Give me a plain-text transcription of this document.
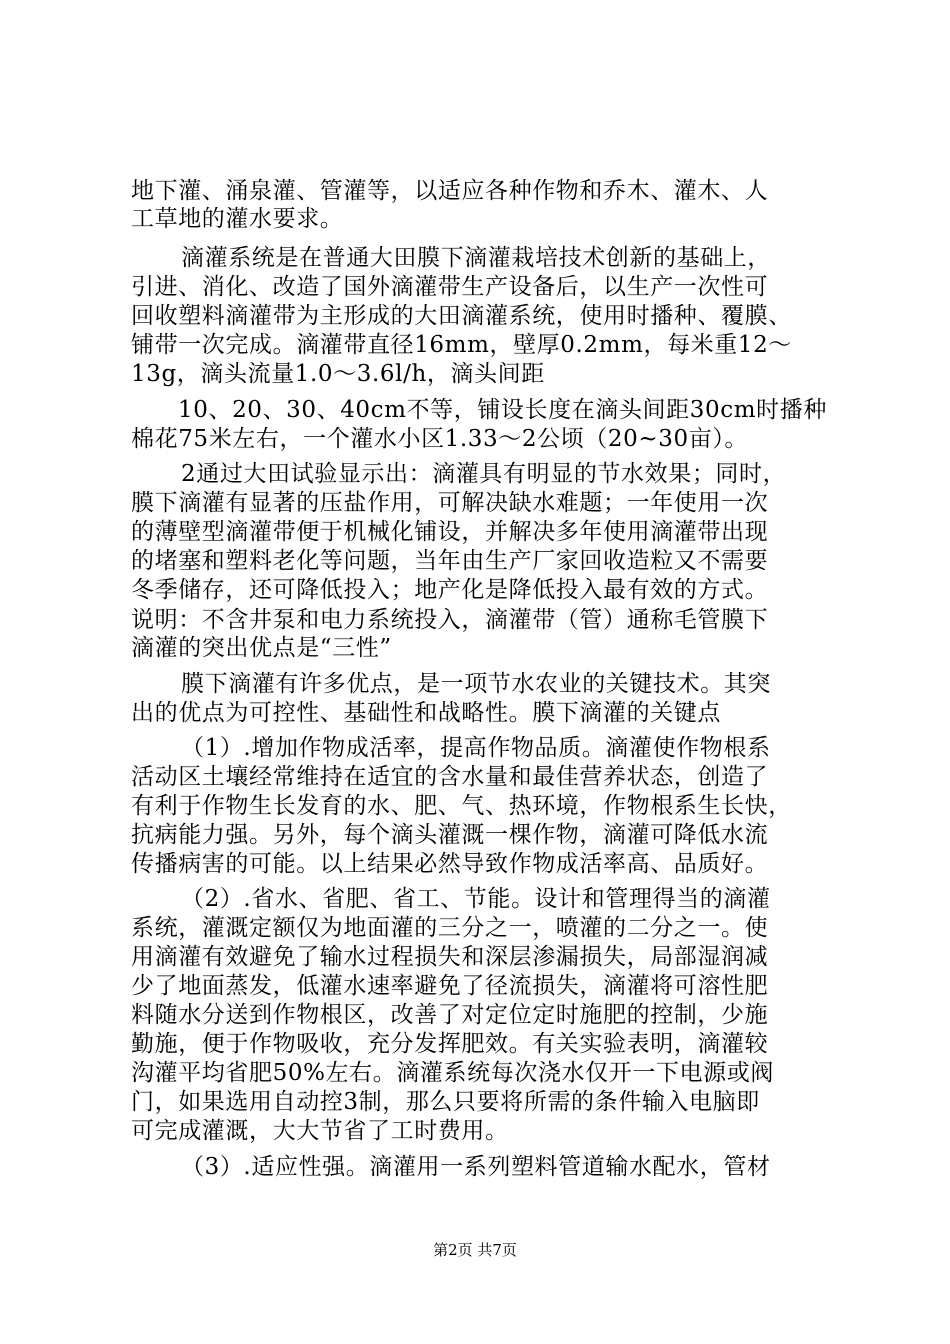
地下灌、涌泉灌、管灌等，以适应各种作物和乔木、灌木、人
工草地的灌水要求。
滴灌系统是在普通大田膜下滴灌栽培技术创新的基础上，
引进、消化、改造了国外滴灌带生产设备后，以生产一次性可
回收塑料滴灌带为主形成的大田滴灌系统，使用时播种、覆膜、
铺带一次完成。滴灌带直径16mm，壁厚0.2mm，每米重12～
13g，滴头流量1.0～3.6l/h，滴头间距
10、20、30、40cm不等，铺设长度在滴头间距30cm时播种
棉花75米左右，一个灌水小区1.33～2公顷（20~30亩）。
2通过大田试验显示出：滴灌具有明显的节水效果；同时，
膜下滴灌有显著的压盐作用，可解决缺水难题；一年使用一次
的薄壁型滴灌带便于机械化铺设，并解决多年使用滴灌带出现
的堵塞和塑料老化等问题，当年由生产厂家回收造粒又不需要
冬季储存，还可降低投入；地产化是降低投入最有效的方式。
说明：不含井泵和电力系统投入，滴灌带（管）通称毛管膜下
滴灌的突出优点是“三性”
膜下滴灌有许多优点，是一项节水农业的关键技术。其突
出的优点为可控性、基础性和战略性。膜下滴灌的关键点
（1）.增加作物成活率，提高作物品质。滴灌使作物根系
活动区土壤经常维持在适宜的含水量和最佳营养状态，创造了
有利于作物生长发育的水、肥、气、热环境，作物根系生长快，
抗病能力强。另外，每个滴头灌溉一棵作物，滴灌可降低水流
传播病害的可能。以上结果必然导致作物成活率高、品质好。
（2）.省水、省肥、省工、节能。设计和管理得当的滴灌
系统，灌溉定额仅为地面灌的三分之一，喷灌的二分之一。使
用滴灌有效避免了输水过程损失和深层渗漏损失，局部湿润减
少了地面蒸发，低灌水速率避免了径流损失，滴灌将可溶性肥
料随水分送到作物根区，改善了对定位定时施肥的控制，少施
勤施，便于作物吸收，充分发挥肥效。有关实验表明，滴灌较
沟灌平均省肥50%左右。滴灌系统每次浇水仅开一下电源或阀
门，如果选用自动控3制，那么只要将所需的条件输入电脑即
可完成灌溉，大大节省了工时费用。
（3）.适应性强。滴灌用一系列塑料管道输水配水，管材
第2页 共7页
